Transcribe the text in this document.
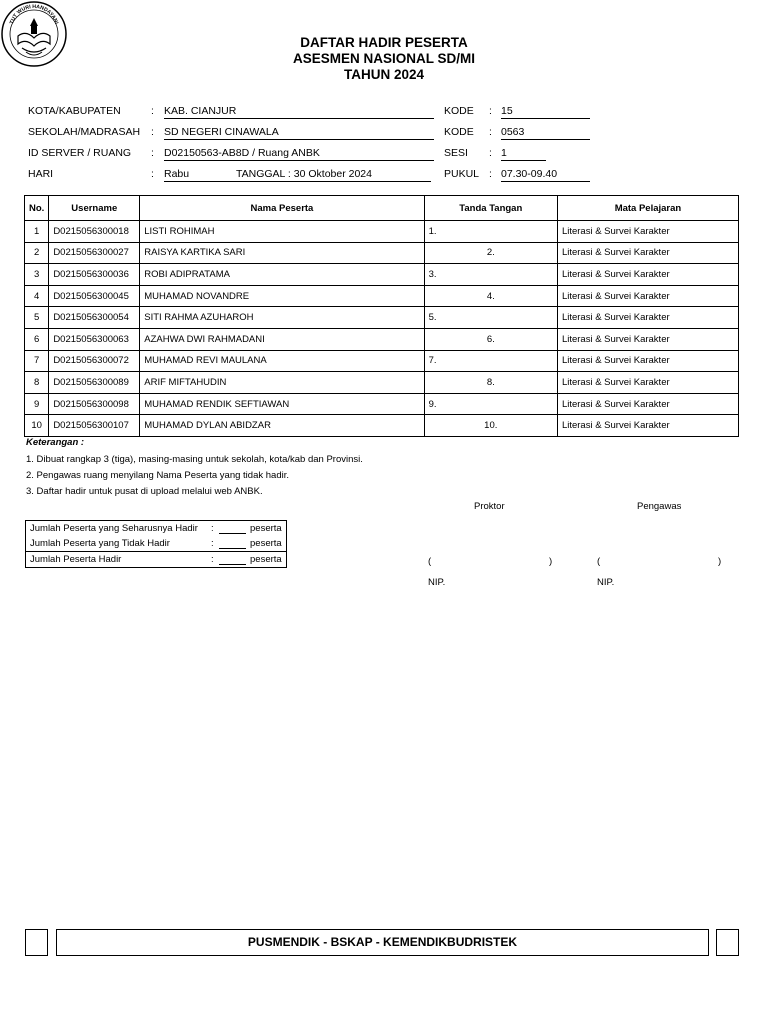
TUT WURI HANDAYANI
DAFTAR HADIR PESERTA
ASESMEN NASIONAL SD/MI
TAHUN 2024
KOTA/KABUPATEN	: KAB. CIANJUR	KODE : 15
SEKOLAH/MADRASAH : SD NEGERI CINAWALA	KODE : 0563
ID SERVER / RUANG : D02150563-AB8D / Ruang ANBK	SESI : 1
HARI	: Rabu	TANGGAL : 30 Oktober 2024	PUKUL : 07.30-09.40
No.	Username	Nama Peserta	Tanda Tangan	Mata Pelajaran
1	D0215056300018	LISTI ROHIMAH	1.	Literasi & Survei Karakter
2	D0215056300027	RAISYA KARTIKA SARI	2.	Literasi & Survei Karakter
3	D0215056300036	ROBI ADIPRATAMA	3.	Literasi & Survei Karakter
4	D0215056300045	MUHAMAD NOVANDRE	4.	Literasi & Survei Karakter
5	D0215056300054	SITI RAHMA AZUHAROH	5.	Literasi & Survei Karakter
6	D0215056300063	AZAHWA DWI RAHMADANI	6.	Literasi & Survei Karakter
7	D0215056300072	MUHAMAD REVI MAULANA	7.	Literasi & Survei Karakter
8	D0215056300089	ARIF MIFTAHUDIN	8.	Literasi & Survei Karakter
9	D0215056300098	MUHAMAD RENDIK SEFTIAWAN	9.	Literasi & Survei Karakter
10	D0215056300107	MUHAMAD DYLAN ABIDZAR	10.	Literasi & Survei Karakter
Keterangan :
1. Dibuat rangkap 3 (tiga), masing-masing untuk sekolah, kota/kab dan Provinsi.
2. Pengawas ruang menyilang Nama Peserta yang tidak hadir.
3. Daftar hadir untuk pusat di upload melalui web ANBK.
Proktor	Pengawas
(	)	(	)
NIP.	NIP.
Jumlah Peserta yang Seharusnya Hadir :	peserta
Jumlah Peserta yang Tidak Hadir	:	peserta
Jumlah Peserta Hadir	:	peserta
PUSMENDIK - BSKAP - KEMENDIKBUDRISTEK
